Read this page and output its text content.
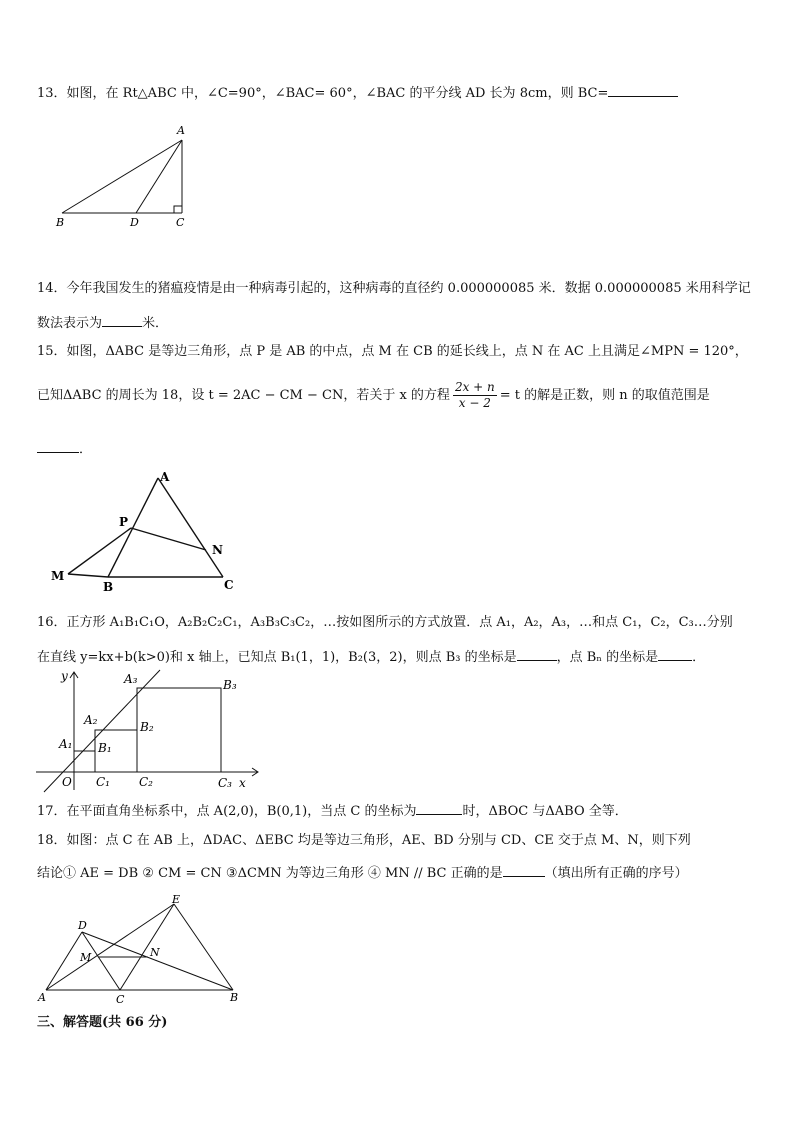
13．如图，在 Rt△ABC 中，∠C=90°，∠BAC= 60°，∠BAC 的平分线 AD 长为 8cm，则 BC=
A
B	D	C
14．今年我国发生的猪瘟疫情是由一种病毒引起的，这种病毒的直径约 0.000000085 米．数据 0.000000085 米用科学记
数法表示为	米．
15．如图，ΔABC 是等边三角形，点 P 是 AB 的中点，点 M 在 CB 的延长线上，点 N 在 AC 上且满足∠MPN = 120°，
已知ΔABC 的周长为 18，设 t = 2AC − CM − CN，若关于 x 的方程 $\frac{2x + n}{x - 2} = t$ 的解是正数，则 n 的取值范围是
．
A
P
N
M
B	C
16．正方形 A₁B₁C₁O，A₂B₂C₂C₁，A₃B₃C₃C₂，…按如图所示的方式放置．点 A₁，A₂，A₃，…和点 C₁，C₂，C₃…分别
在直线 y=kx+b(k>0)和 x 轴上，已知点 B₁(1，1)，B₂(3，2)，则点 B₃ 的坐标是	，点 Bₙ 的坐标是	．
y
x
O
A₃	B₃
A₂	B₂
A₁ B₁
C₁ C₂	C₃
17．在平面直角坐标系中，点 A(2,0)，B(0,1)，当点 C 的坐标为	时，ΔBOC 与ΔABO 全等．
18．如图：点 C 在 AB 上，ΔDAC、ΔEBC 均是等边三角形，AE、BD 分别与 CD、CE 交于点 M、N，则下列
结论① AE = DB ② CM = CN ③ΔCMN 为等边三角形 ④ MN // BC 正确的是	（填出所有正确的序号）
D
E
M	N
A	C	B
三、解答题(共 66 分)
